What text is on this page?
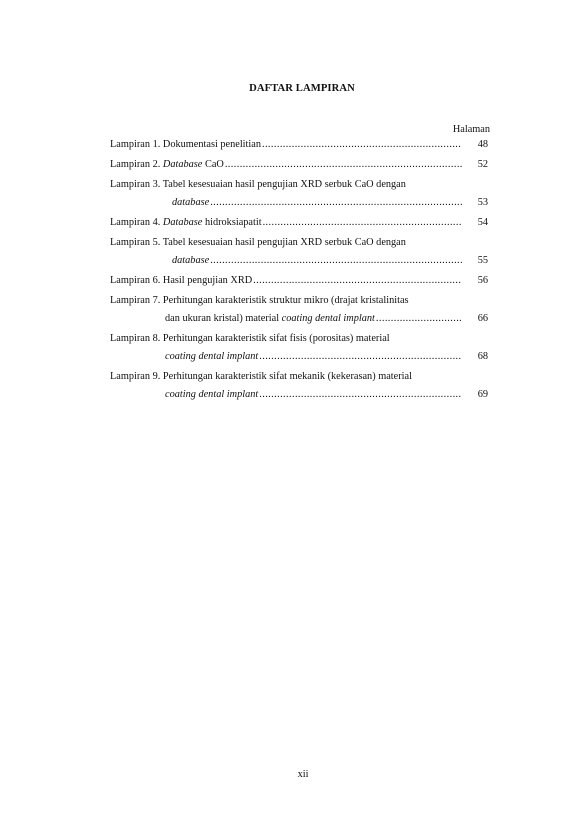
DAFTAR LAMPIRAN
Halaman
Lampiran 1. Dokumentasi penelitian .....	48
Lampiran 2. Database CaO .....	52
Lampiran 3. Tabel kesesuaian hasil pengujian XRD serbuk CaO dengan
database .....	53
Lampiran 4. Database hidroksiapatit .....	54
Lampiran 5. Tabel kesesuaian hasil pengujian XRD serbuk CaO dengan
database .....	55
Lampiran 6. Hasil pengujian XRD .....	56
Lampiran 7. Perhitungan karakteristik struktur mikro (drajat kristalinitas
dan ukuran kristal) material coating dental implant .....	66
Lampiran 8. Perhitungan karakteristik sifat fisis (porositas) material
coating dental implant .....	68
Lampiran 9. Perhitungan karakteristik sifat mekanik (kekerasan) material
coating dental implant .....	69
xii
